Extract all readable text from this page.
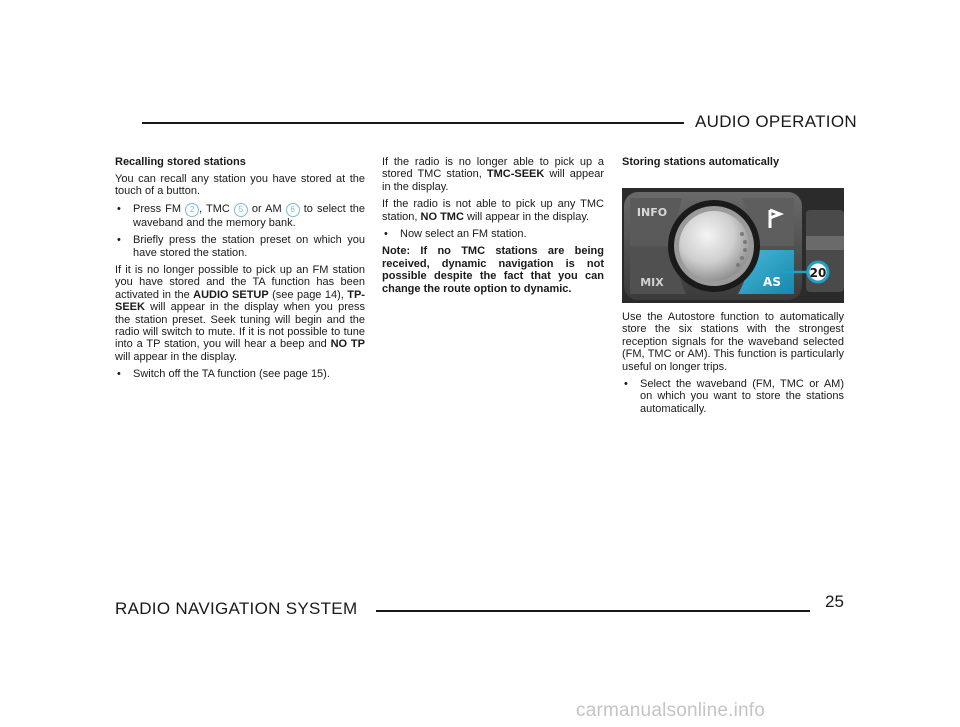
AUDIO OPERATION
Recalling stored stations

You can recall any station you have stored at the touch of a button.

• Press FM 2 , TMC 5 or AM 6 to select the waveband and the memory bank.
• Briefly press the station preset on which you have stored the station.

If it is no longer possible to pick up an FM station you have stored and the TA function has been activated in the AUDIO SETUP (see page 14), TP-SEEK will appear in the display when you press the station preset. Seek tuning will begin and the radio will switch to mute. If it is not possible to tune into a TP station, you will hear a beep and NO TP will appear in the display.

• Switch off the TA function (see page 15).

If the radio is no longer able to pick up a stored TMC station, TMC-SEEK will appear in the display.

If the radio is not able to pick up any TMC station, NO TMC will appear in the display.

• Now select an FM station.

Note: If no TMC stations are being received, dynamic navigation is not possible despite the fact that you can change the route option to dynamic.

Storing stations automatically
INFO
MIX	AS
20

Use the Autostore function to automatically store the six stations with the strongest reception signals for the waveband selected (FM, TMC or AM). This function is particularly useful on longer trips.

• Select the waveband (FM, TMC or AM) on which you want to store the stations automatically.
RADIO NAVIGATION SYSTEM	25
carmanualsonline.info
